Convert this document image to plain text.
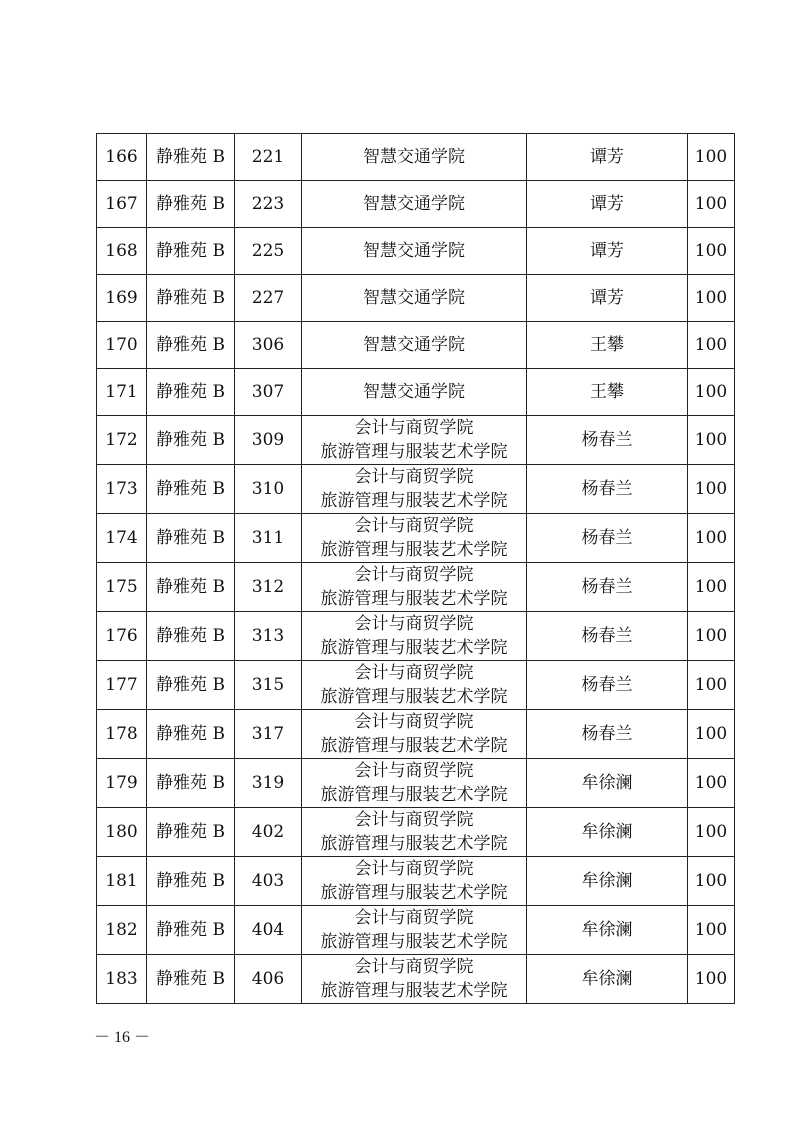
166	静雅苑 B	221	智慧交通学院	谭芳	100
167	静雅苑 B	223	智慧交通学院	谭芳	100
168	静雅苑 B	225	智慧交通学院	谭芳	100
169	静雅苑 B	227	智慧交通学院	谭芳	100
170	静雅苑 B	306	智慧交通学院	王攀	100
171	静雅苑 B	307	智慧交通学院	王攀	100
172	静雅苑 B	309	会计与商贸学院
旅游管理与服装艺术学院	杨春兰	100
173	静雅苑 B	310	会计与商贸学院
旅游管理与服装艺术学院	杨春兰	100
174	静雅苑 B	311	会计与商贸学院
旅游管理与服装艺术学院	杨春兰	100
175	静雅苑 B	312	会计与商贸学院
旅游管理与服装艺术学院	杨春兰	100
176	静雅苑 B	313	会计与商贸学院
旅游管理与服装艺术学院	杨春兰	100
177	静雅苑 B	315	会计与商贸学院
旅游管理与服装艺术学院	杨春兰	100
178	静雅苑 B	317	会计与商贸学院
旅游管理与服装艺术学院	杨春兰	100
179	静雅苑 B	319	会计与商贸学院
旅游管理与服装艺术学院	牟徐澜	100
180	静雅苑 B	402	会计与商贸学院
旅游管理与服装艺术学院	牟徐澜	100
181	静雅苑 B	403	会计与商贸学院
旅游管理与服装艺术学院	牟徐澜	100
182	静雅苑 B	404	会计与商贸学院
旅游管理与服装艺术学院	牟徐澜	100
183	静雅苑 B	406	会计与商贸学院
旅游管理与服装艺术学院	牟徐澜	100
－ 16 －
